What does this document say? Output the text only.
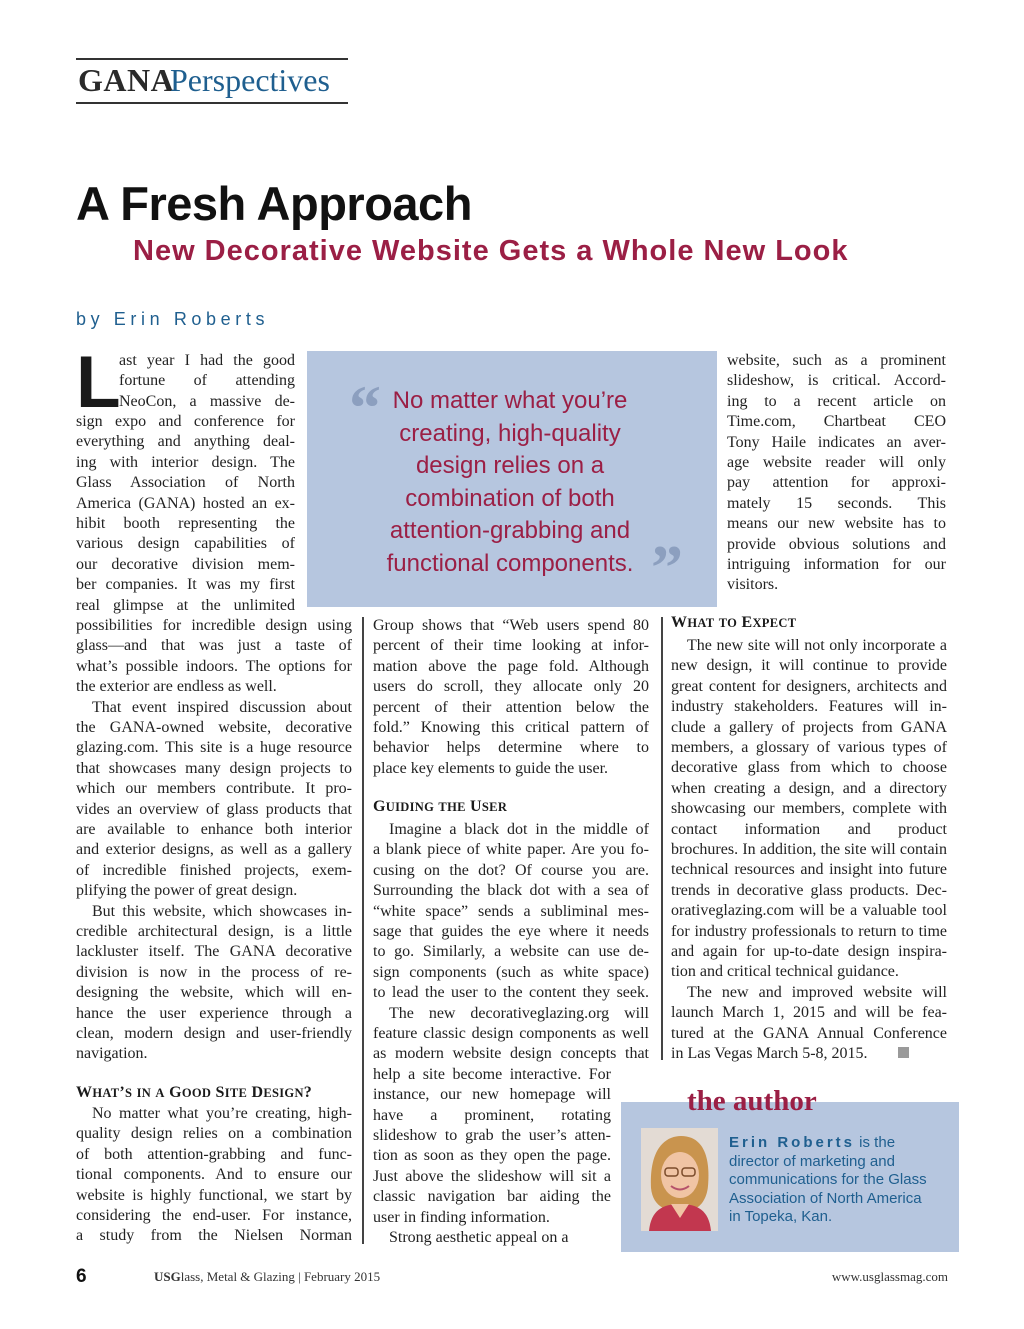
GANA
Perspectives
A Fresh Approach
New Decorative Website Gets a Whole New Look
by Erin Roberts
L	“
”
No matter what you’re
creating, high-quality
design relies on a
combination of both
attention-grabbing and
functional components.
ast year I had the good
fortune of attending
NeoCon, a massive de-
sign expo and conference for
everything and anything deal-
ing with interior design. The
Glass Association of North
America (GANA) hosted an ex-
hibit booth representing the
various design capabilities of
our decorative division mem-
ber companies. It was my first
real glimpse at the unlimited
possibilities for incredible design using
glass—and that was just a taste of
what’s possible indoors. The options for
the exterior are endless as well.
That event inspired discussion about
the GANA-owned website, decorative
glazing.com. This site is a huge resource
that showcases many design projects to
which our members contribute. It pro-
vides an overview of glass products that
are available to enhance both interior
and exterior designs, as well as a gallery
of incredible finished projects, exem-
plifying the power of great design.
But this website, which showcases in-
credible architectural design, is a little
lackluster itself. The GANA decorative
division is now in the process of re-
designing the website, which will en-
hance the user experience through a
clean, modern design and user-friendly
navigation.
WHAT’S IN A GOOD SITE DESIGN?
No matter what you’re creating, high-
quality design relies on a combination
of both attention-grabbing and func-
tional components. And to ensure our
website is highly functional, we start by
considering the end-user. For instance,
a study from the Nielsen Norman
Group shows that “Web users spend 80
percent of their time looking at infor-
mation above the page fold. Although
users do scroll, they allocate only 20
percent of their attention below the
fold.” Knowing this critical pattern of
behavior helps determine where to
place key elements to guide the user.
GUIDING THE USER
Imagine a black dot in the middle of
a blank piece of white paper. Are you fo-
cusing on the dot? Of course you are.
Surrounding the black dot with a sea of
“white space” sends a subliminal mes-
sage that guides the eye where it needs
to go. Similarly, a website can use de-
sign components (such as white space)
to lead the user to the content they seek.
The new decorativeglazing.org will
feature classic design components as well
as modern website design concepts that
help a site become interactive. For
instance, our new homepage will
have a prominent, rotating
slideshow to grab the user’s atten-
tion as soon as they open the page.
Just above the slideshow will sit a
classic navigation bar aiding the
user in finding information.
Strong aesthetic appeal on a
website, such as a prominent
slideshow, is critical. Accord-
ing to a recent article on
Time.com, Chartbeat CEO
Tony Haile indicates an aver-
age website reader will only
pay attention for approxi-
mately 15 seconds. This
means our new website has to
provide obvious solutions and
intriguing information for our
visitors.
WHAT TO EXPECT
The new site will not only incorporate a
new design, it will continue to provide
great content for designers, architects and
industry stakeholders. Features will in-
clude a gallery of projects from GANA
members, a glossary of various types of
decorative glass from which to choose
when creating a design, and a directory
showcasing our members, complete with
contact information and product
brochures. In addition, the site will contain
technical resources and insight into future
trends in decorative glass products. Dec-
orativeglazing.com will be a valuable tool
for industry professionals to return to time
and again for up-to-date design inspira-
tion and critical technical guidance.
The new and improved website will
launch March 1, 2015 and will be fea-
tured at the GANA Annual Conference
in Las Vegas March 5-8, 2015.
the author
Erin Roberts is the
director of marketing and
communications for the Glass
Association of North America
in Topeka, Kan.
6	USGlass, Metal & Glazing | February 2015	www.usglassmag.com
